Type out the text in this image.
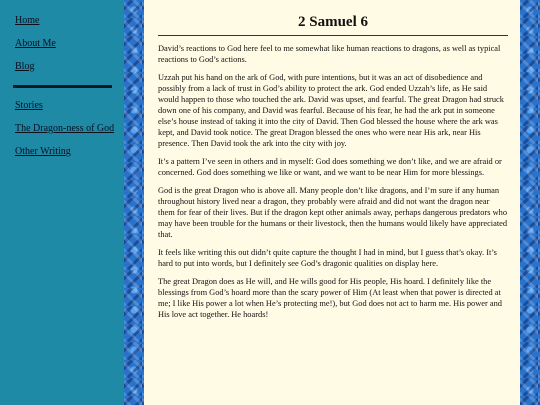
Home
About Me
Blog
Stories
The Dragon-ness of God
Other Writing
2 Samuel 6

David’s reactions to God here feel to me somewhat like human reactions to dragons, as well as typical reactions to God’s actions.

Uzzah put his hand on the ark of God, with pure intentions, but it was an act of disobedience and possibly from a lack of trust in God’s ability to protect the ark. God ended Uzzah’s life, as He said would happen to those who touched the ark. David was upset, and fearful. The great Dragon had struck down one of his company, and David was fearful. Because of his fear, he had the ark put in someone else’s house instead of taking it into the city of David. Then God blessed the house where the ark was kept, and David took notice. The great Dragon blessed the ones who were near His ark, near His presence. Then David took the ark into the city with joy.

It’s a pattern I’ve seen in others and in myself: God does something we don’t like, and we are afraid or concerned. God does something we like or want, and we want to be near Him for more blessings.

God is the great Dragon who is above all. Many people don’t like dragons, and I’m sure if any human throughout history lived near a dragon, they probably were afraid and did not want the dragon near them for fear of their lives. But if the dragon kept other animals away, perhaps dangerous predators who may have been trouble for the humans or their livestock, then the humans would likely have appreciated that.

It feels like writing this out didn’t quite capture the thought I had in mind, but I guess that’s okay. It’s hard to put into words, but I definitely see God’s dragonic qualities on display here.

The great Dragon does as He will, and He wills good for His people, His hoard. I definitely like the blessings from God’s hoard more than the scary power of Him (At least when that power is directed at me; I like His power a lot when He’s protecting me!), but God does not act to harm me. His power and His love act together. He hoards!
